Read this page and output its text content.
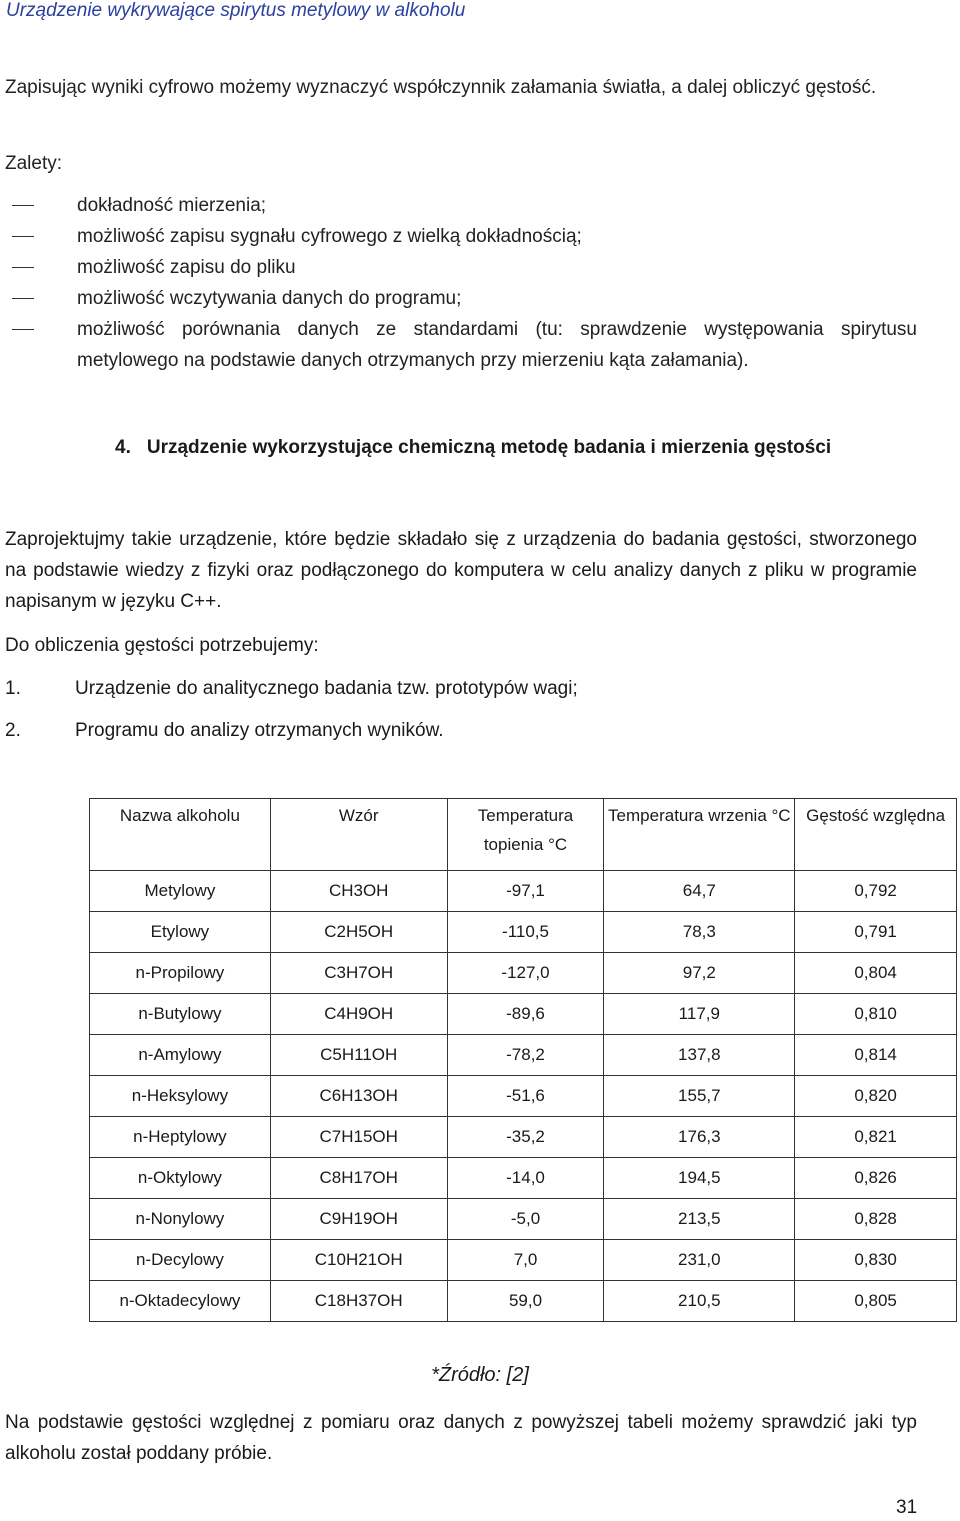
Urządzenie wykrywające spirytus metylowy w alkoholu

Zapisując wyniki cyfrowo możemy wyznaczyć współczynnik załamania światła, a dalej obliczyć gęstość.

Zalety:

dokładność mierzenia;
możliwość zapisu sygnału cyfrowego z wielką dokładnością;
możliwość zapisu do pliku
możliwość wczytywania danych do programu;
możliwość porównania danych ze standardami (tu: sprawdzenie występowania spirytusu metylowego na podstawie danych otrzymanych przy mierzeniu kąta załamania).
4. Urządzenie wykorzystujące chemiczną metodę badania i mierzenia gęstości

Zaprojektujmy takie urządzenie, które będzie składało się z urządzenia do badania gęstości, stworzonego na podstawie wiedzy z fizyki oraz podłączonego do komputera w celu analizy danych z pliku w programie napisanym w języku C++.

Do obliczenia gęstości potrzebujemy:

1.	Urządzenie do analitycznego badania tzw. prototypów wagi;
2.	Programu do analizy otrzymanych wyników.
Nazwa alkoholu	Wzór	Temperatura topienia °C	Temperatura wrzenia °C	Gęstość względna
Metylowy	CH3OH	-97,1	64,7	0,792
Etylowy	C2H5OH	-110,5	78,3	0,791
n-Propilowy	C3H7OH	-127,0	97,2	0,804
n-Butylowy	C4H9OH	-89,6	117,9	0,810
n-Amylowy	C5H11OH	-78,2	137,8	0,814
n-Heksylowy	C6H13OH	-51,6	155,7	0,820
n-Heptylowy	C7H15OH	-35,2	176,3	0,821
n-Oktylowy	C8H17OH	-14,0	194,5	0,826
n-Nonylowy	C9H19OH	-5,0	213,5	0,828
n-Decylowy	C10H21OH	7,0	231,0	0,830
n-Oktadecylowy	C18H37OH	59,0	210,5	0,805
*Źródło: [2]

Na podstawie gęstości względnej z pomiaru oraz danych z powyższej tabeli możemy sprawdzić jaki typ alkoholu został poddany próbie.

31
